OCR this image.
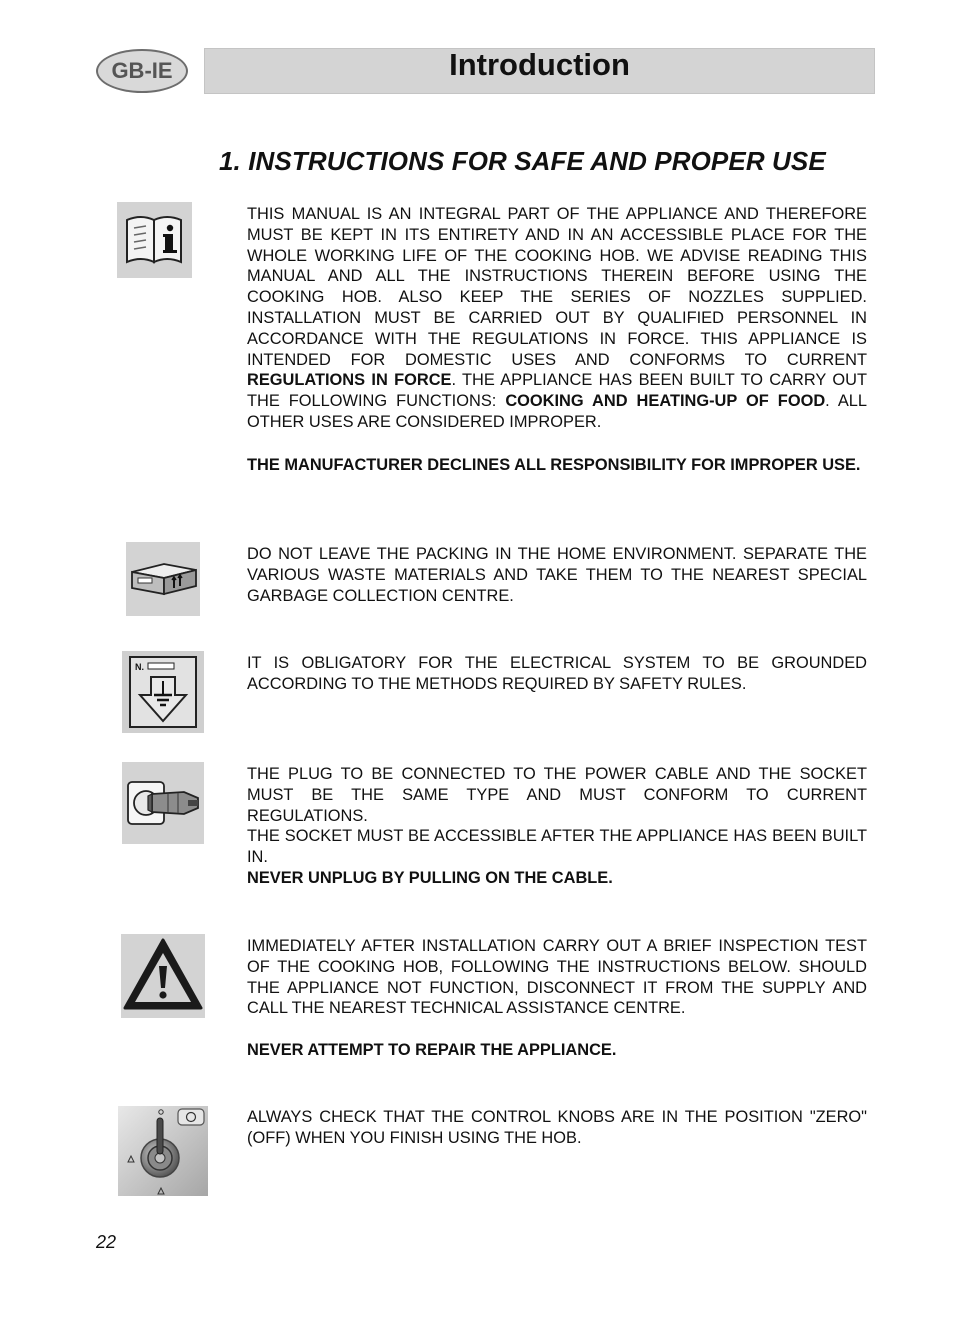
GB-IE	Introduction
1. INSTRUCTIONS FOR SAFE AND PROPER USE

THIS MANUAL IS AN INTEGRAL PART OF THE APPLIANCE AND THEREFORE MUST BE KEPT IN ITS ENTIRETY AND IN AN ACCESSIBLE PLACE FOR THE WHOLE WORKING LIFE OF THE COOKING HOB. WE ADVISE READING THIS MANUAL AND ALL THE INSTRUCTIONS THEREIN BEFORE USING THE COOKING HOB. ALSO KEEP THE SERIES OF NOZZLES SUPPLIED. INSTALLATION MUST BE CARRIED OUT BY QUALIFIED PERSONNEL IN ACCORDANCE WITH THE REGULATIONS IN FORCE. THIS APPLIANCE IS INTENDED FOR DOMESTIC USES AND CONFORMS TO CURRENT REGULATIONS IN FORCE. THE APPLIANCE HAS BEEN BUILT TO CARRY OUT THE FOLLOWING FUNCTIONS: COOKING AND HEATING-UP OF FOOD. ALL OTHER USES ARE CONSIDERED IMPROPER.

THE MANUFACTURER DECLINES ALL RESPONSIBILITY FOR IMPROPER USE.

DO NOT LEAVE THE PACKING IN THE HOME ENVIRONMENT. SEPARATE THE VARIOUS WASTE MATERIALS AND TAKE THEM TO THE NEAREST SPECIAL GARBAGE COLLECTION CENTRE.

N.	IT IS OBLIGATORY FOR THE ELECTRICAL SYSTEM TO BE GROUNDED ACCORDING TO THE METHODS REQUIRED BY SAFETY RULES.

THE PLUG TO BE CONNECTED TO THE POWER CABLE AND THE SOCKET MUST BE THE SAME TYPE AND MUST CONFORM TO CURRENT REGULATIONS.

THE SOCKET MUST BE ACCESSIBLE AFTER THE APPLIANCE HAS BEEN BUILT IN.

NEVER UNPLUG BY PULLING ON THE CABLE.

IMMEDIATELY AFTER INSTALLATION CARRY OUT A BRIEF INSPECTION TEST OF THE COOKING HOB, FOLLOWING THE INSTRUCTIONS BELOW. SHOULD THE APPLIANCE NOT FUNCTION, DISCONNECT IT FROM THE SUPPLY AND CALL THE NEAREST TECHNICAL ASSISTANCE CENTRE.

NEVER ATTEMPT TO REPAIR THE APPLIANCE.

ALWAYS CHECK THAT THE CONTROL KNOBS ARE IN THE POSITION "ZERO" (OFF) WHEN YOU FINISH USING THE HOB.

22
